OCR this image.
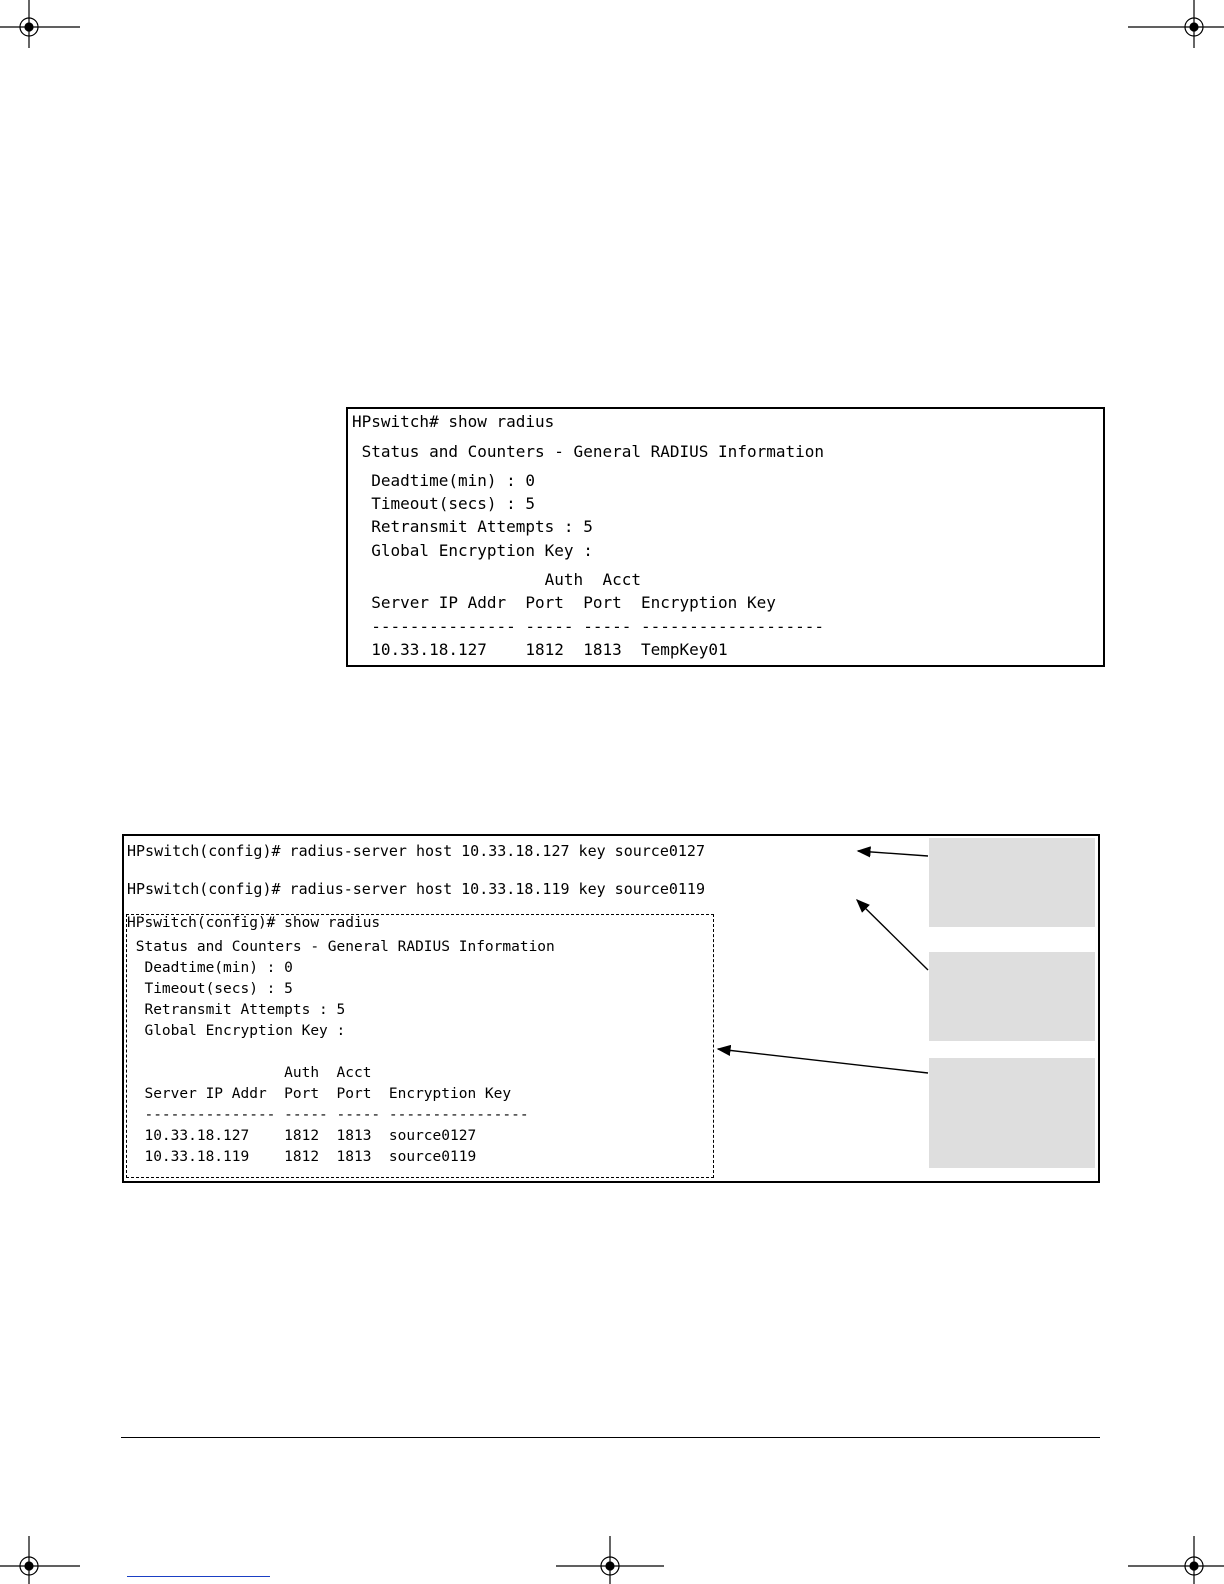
HPswitch# show radius
Status and Counters - General RADIUS Information
Deadtime(min) : 0
Timeout(secs) : 5
Retransmit Attempts : 5
Global Encryption Key :
Auth  Acct
Server IP Addr  Port  Port  Encryption Key
--------------- ----- ----- -------------------
10.33.18.127    1812  1813  TempKey01
HPswitch(config)# radius-server host 10.33.18.127 key source0127
HPswitch(config)# radius-server host 10.33.18.119 key source0119
HPswitch(config)# show radius
Status and Counters - General RADIUS Information
Deadtime(min) : 0
Timeout(secs) : 5
Retransmit Attempts : 5
Global Encryption Key :
Auth  Acct
Server IP Addr  Port  Port  Encryption Key
--------------- ----- ----- ----------------
10.33.18.127    1812  1813  source0127
10.33.18.119    1812  1813  source0119
